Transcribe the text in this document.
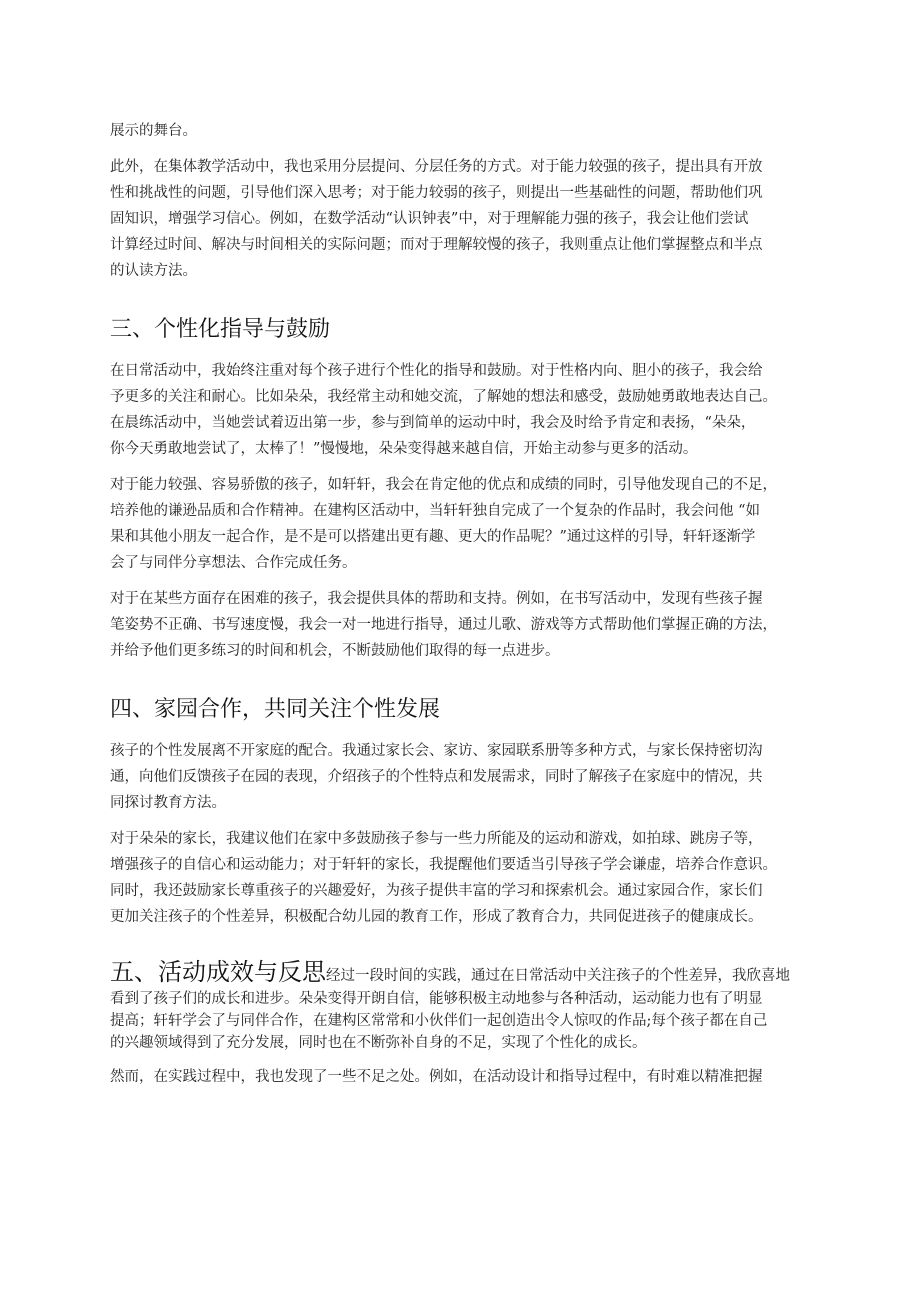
展示的舞台。
此外，在集体教学活动中，我也采用分层提问、分层任务的方式。对于能力较强的孩子，提出具有开放
性和挑战性的问题，引导他们深入思考；对于能力较弱的孩子，则提出一些基础性的问题，帮助他们巩
固知识，增强学习信心。例如，在数学活动“认识钟表”中，对于理解能力强的孩子，我会让他们尝试
计算经过时间、解决与时间相关的实际问题；而对于理解较慢的孩子，我则重点让他们掌握整点和半点
的认读方法。
三、个性化指导与鼓励
在日常活动中，我始终注重对每个孩子进行个性化的指导和鼓励。对于性格内向、胆小的孩子，我会给
予更多的关注和耐心。比如朵朵，我经常主动和她交流，了解她的想法和感受，鼓励她勇敢地表达自己。
在晨练活动中，当她尝试着迈出第一步，参与到简单的运动中时，我会及时给予肯定和表扬，“朵朵，
你今天勇敢地尝试了，太棒了！”慢慢地，朵朵变得越来越自信，开始主动参与更多的活动。
对于能力较强、容易骄傲的孩子，如轩轩，我会在肯定他的优点和成绩的同时，引导他发现自己的不足，
培养他的谦逊品质和合作精神。在建构区活动中，当轩轩独自完成了一个复杂的作品时，我会问他 “如
果和其他小朋友一起合作，是不是可以搭建出更有趣、更大的作品呢？”通过这样的引导，轩轩逐渐学
会了与同伴分享想法、合作完成任务。
对于在某些方面存在困难的孩子，我会提供具体的帮助和支持。例如，在书写活动中，发现有些孩子握
笔姿势不正确、书写速度慢，我会一对一地进行指导，通过儿歌、游戏等方式帮助他们掌握正确的方法，
并给予他们更多练习的时间和机会，不断鼓励他们取得的每一点进步。
四、家园合作，共同关注个性发展
孩子的个性发展离不开家庭的配合。我通过家长会、家访、家园联系册等多种方式，与家长保持密切沟
通，向他们反馈孩子在园的表现，介绍孩子的个性特点和发展需求，同时了解孩子在家庭中的情况，共
同探讨教育方法。
对于朵朵的家长，我建议他们在家中多鼓励孩子参与一些力所能及的运动和游戏，如拍球、跳房子等，
增强孩子的自信心和运动能力；对于轩轩的家长，我提醒他们要适当引导孩子学会谦虚，培养合作意识。
同时，我还鼓励家长尊重孩子的兴趣爱好，为孩子提供丰富的学习和探索机会。通过家园合作，家长们
更加关注孩子的个性差异，积极配合幼儿园的教育工作，形成了教育合力，共同促进孩子的健康成长。
五、活动成效与反思经过一段时间的实践，通过在日常活动中关注孩子的个性差异，我欣喜地
看到了孩子们的成长和进步。朵朵变得开朗自信，能够积极主动地参与各种活动，运动能力也有了明显
提高；轩轩学会了与同伴合作，在建构区常常和小伙伴们一起创造出令人惊叹的作品;每个孩子都在自己
的兴趣领域得到了充分发展，同时也在不断弥补自身的不足，实现了个性化的成长。
然而，在实践过程中，我也发现了一些不足之处。例如，在活动设计和指导过程中，有时难以精准把握
